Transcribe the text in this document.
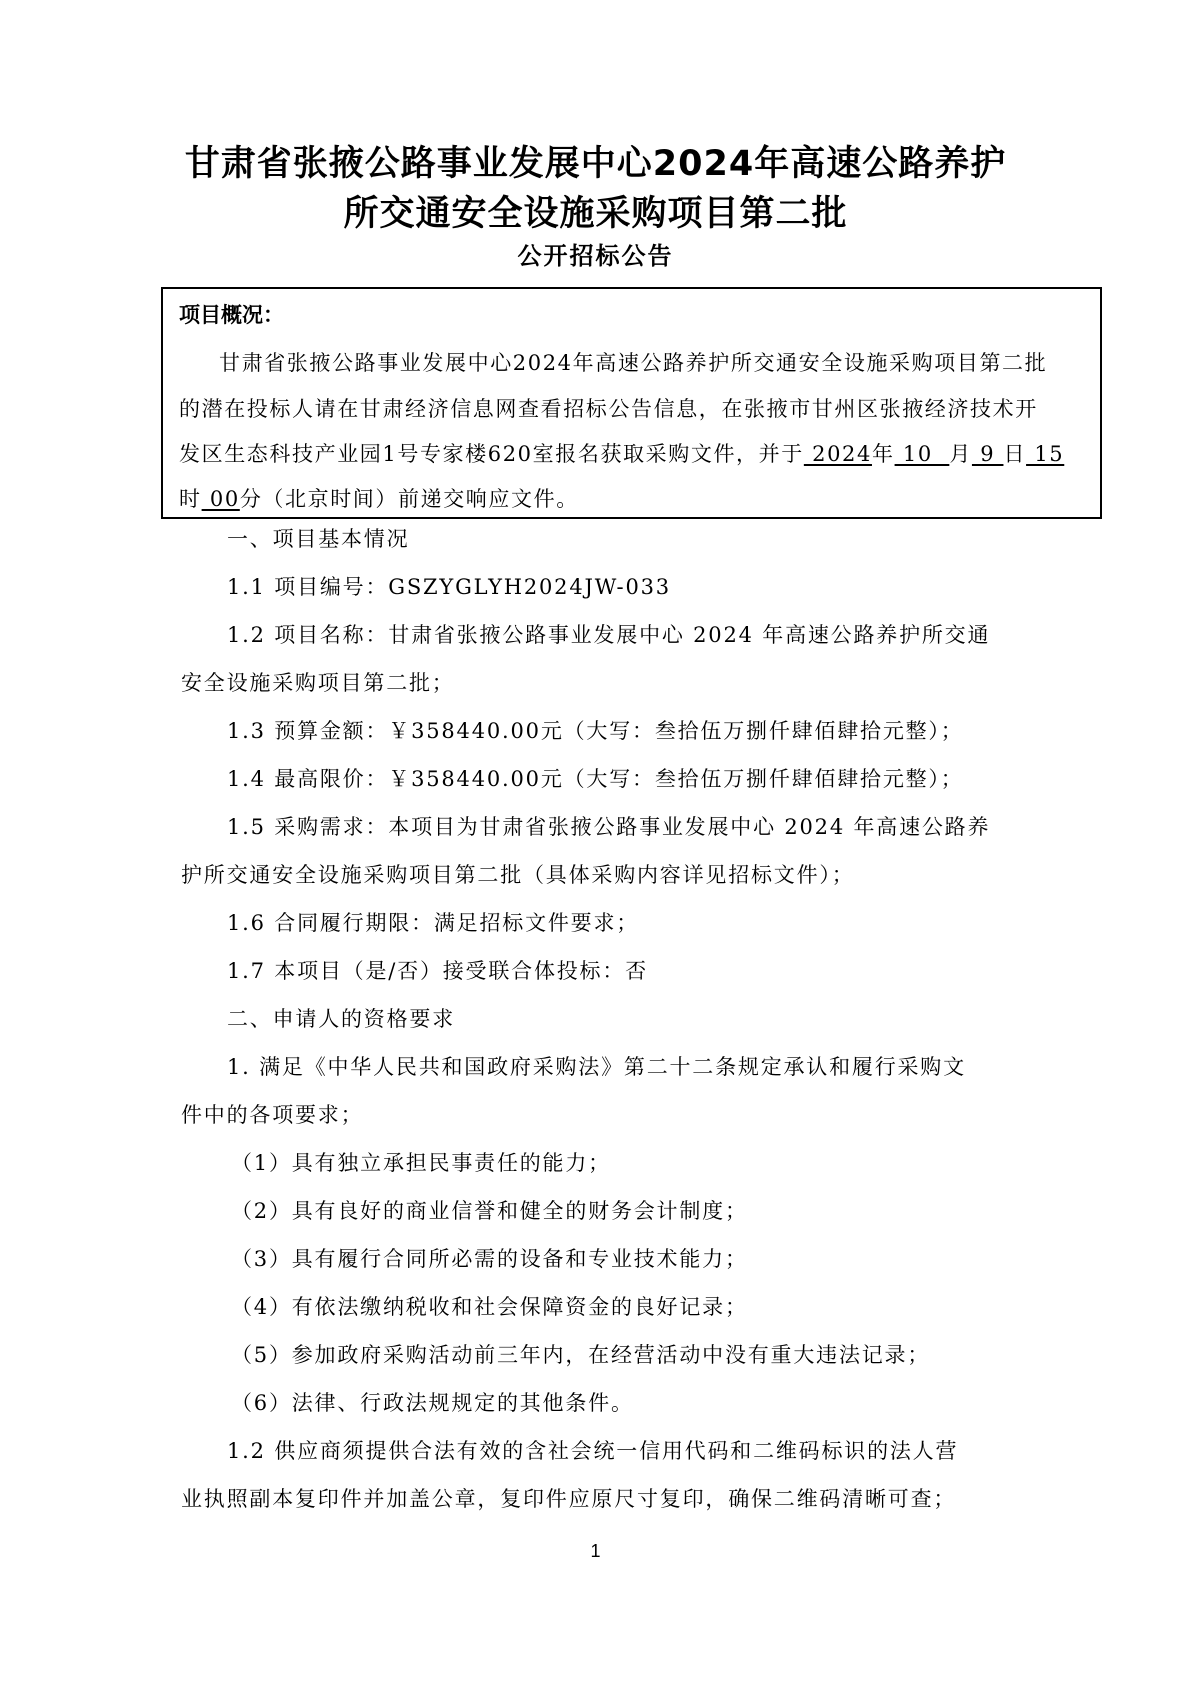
甘肃省张掖公路事业发展中心2024年高速公路养护
所交通安全设施采购项目第二批
公开招标公告
项目概况：
甘肃省张掖公路事业发展中心2024年高速公路养护所交通安全设施采购项目第二批
的潜在投标人请在甘肃经济信息网查看招标公告信息，在张掖市甘州区张掖经济技术开
发区生态科技产业园1号专家楼620室报名获取采购文件，并于 2024年 10  月 9 日 15
时 00分（北京时间）前递交响应文件。
一、项目基本情况
1.1 项目编号：GSZYGLYH2024JW-033
1.2 项目名称：甘肃省张掖公路事业发展中心 2024 年高速公路养护所交通
安全设施采购项目第二批；
1.3 预算金额：￥358440.00元（大写：叁拾伍万捌仟肆佰肆拾元整）；
1.4 最高限价：￥358440.00元（大写：叁拾伍万捌仟肆佰肆拾元整）；
1.5 采购需求：本项目为甘肃省张掖公路事业发展中心 2024 年高速公路养
护所交通安全设施采购项目第二批（具体采购内容详见招标文件）；
1.6 合同履行期限：满足招标文件要求；
1.7 本项目（是/否）接受联合体投标：否
二、申请人的资格要求
1. 满足《中华人民共和国政府采购法》第二十二条规定承认和履行采购文
件中的各项要求；
（1）具有独立承担民事责任的能力；
（2）具有良好的商业信誉和健全的财务会计制度；
（3）具有履行合同所必需的设备和专业技术能力；
（4）有依法缴纳税收和社会保障资金的良好记录；
（5）参加政府采购活动前三年内，在经营活动中没有重大违法记录；
（6）法律、行政法规规定的其他条件。
1.2 供应商须提供合法有效的含社会统一信用代码和二维码标识的法人营
业执照副本复印件并加盖公章，复印件应原尺寸复印，确保二维码清晰可查；
1
